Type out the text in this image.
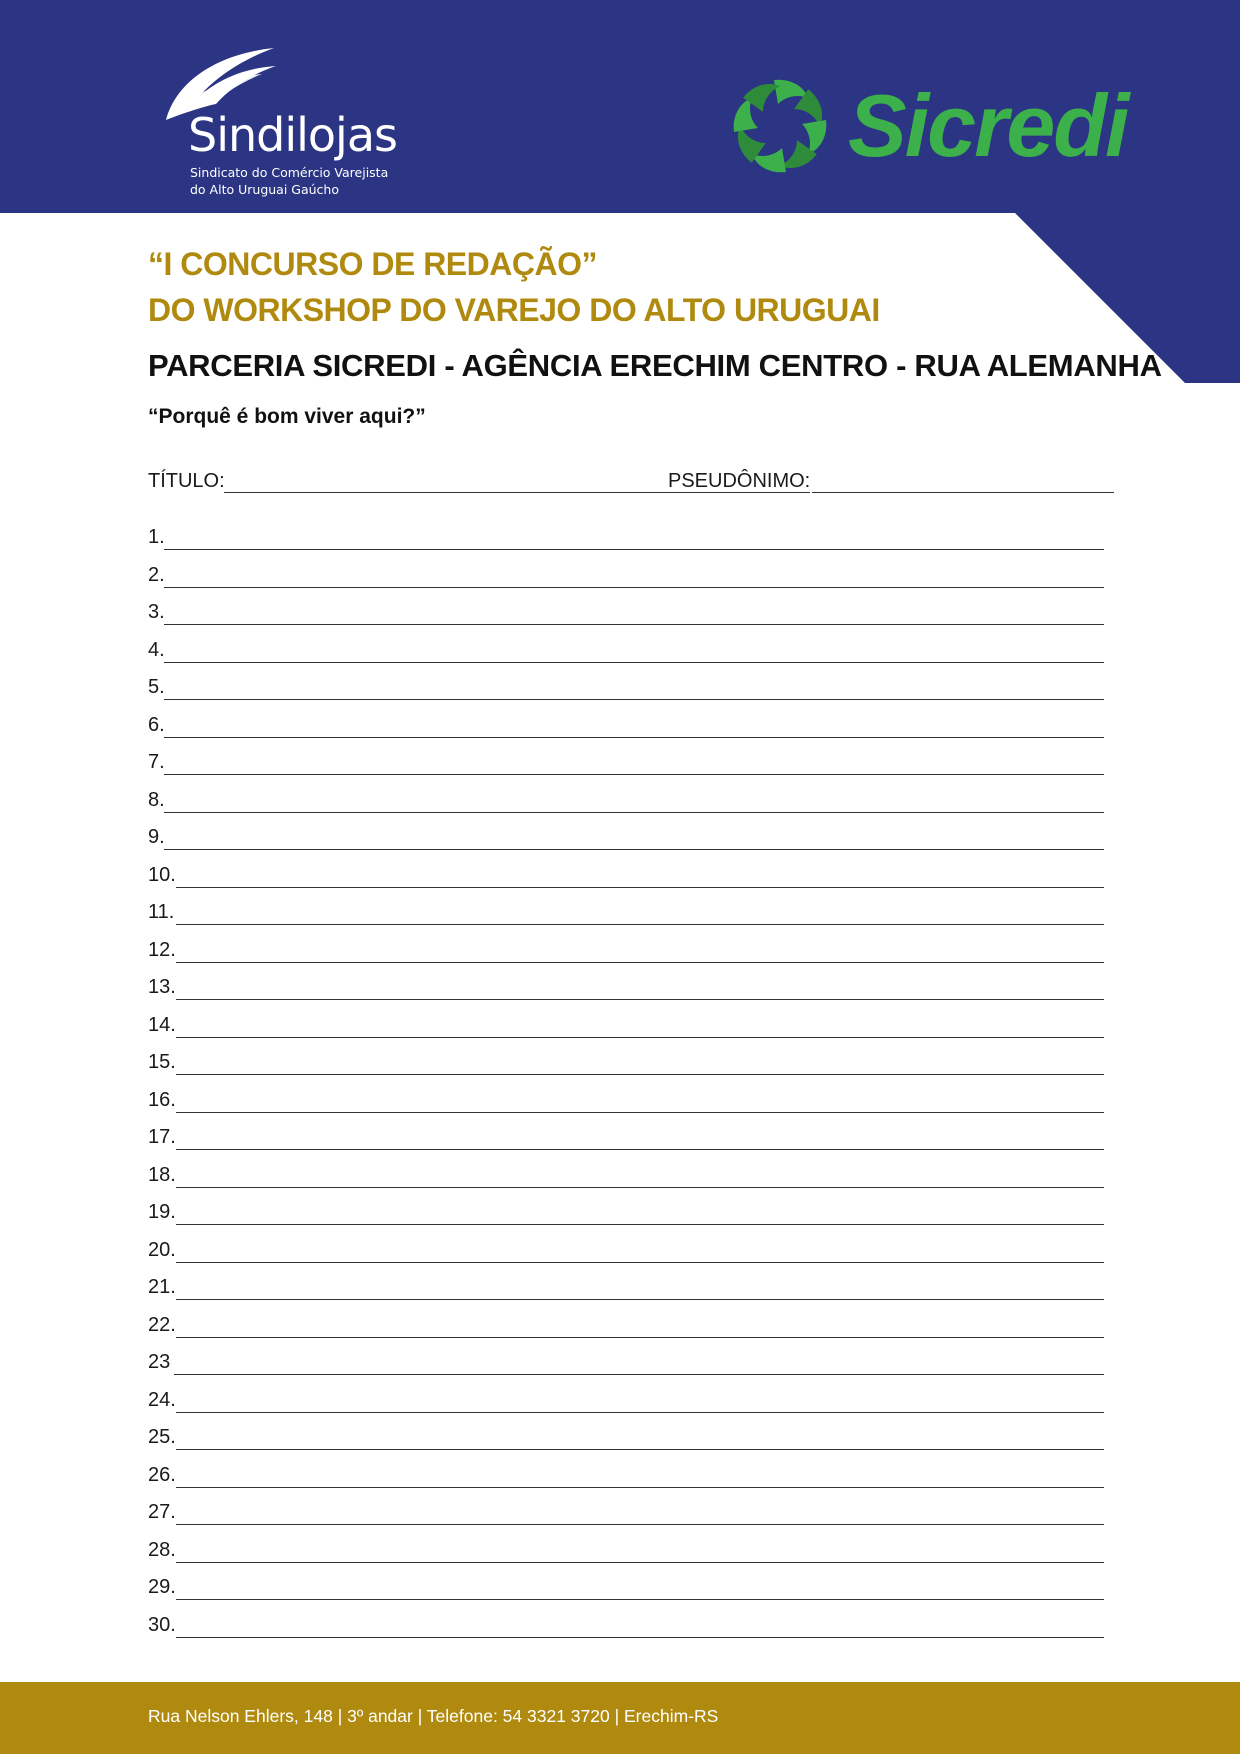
Sindilojas
Sindicato do Comércio Varejista
do Alto Uruguai Gaúcho
Sicredi
“I CONCURSO DE REDAÇÃO”
DO WORKSHOP DO VAREJO DO ALTO URUGUAI
PARCERIA SICREDI - AGÊNCIA ERECHIM CENTRO - RUA ALEMANHA
“Porquê é bom viver aqui?”
TÍTULO:	PSEUDÔNIMO:
1.
2.
3.
4.
5.
6.
7.
8.
9.
10.
11.
12.
13.
14.
15.
16.
17.
18.
19.
20.
21.
22.
23
24.
25.
26.
27.
28.
29.
30.
Rua Nelson Ehlers, 148 | 3º andar | Telefone: 54 3321 3720 | Erechim-RS
